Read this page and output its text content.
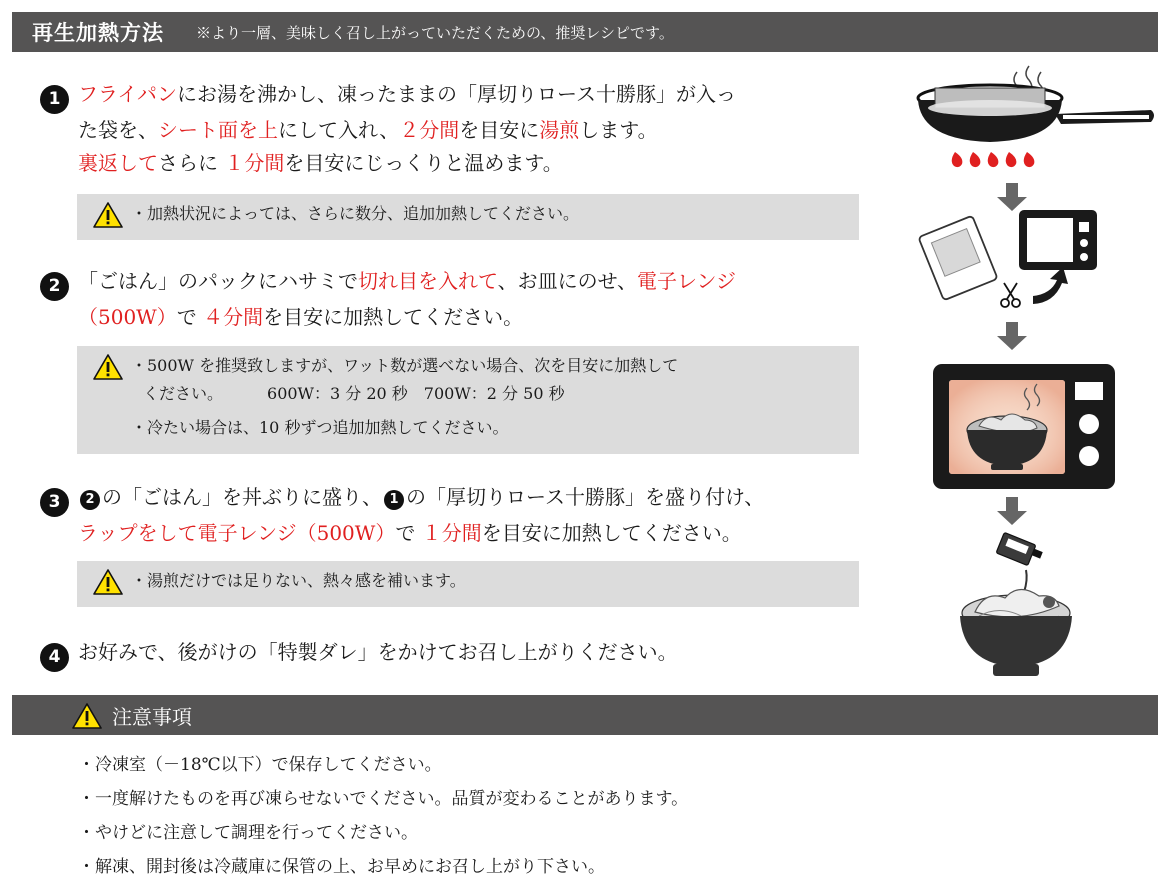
再生加熱方法 ※より一層、美味しく召し上がっていただくための、推奨レシピです。
1 フライパンにお湯を沸かし、凍ったままの「厚切りロース十勝豚」が入っ
た袋を、シート面を上にして入れ、２分間を目安に湯煎します。
裏返してさらに １分間を目安にじっくりと温めます。
・加熱状況によっては、さらに数分、追加加熱してください。
2 「ごはん」のパックにハサミで切れ目を入れて、お皿にのせ、電子レンジ
（500W）で ４分間を目安に加熱してください。
・500W を推奨致しますが、ワット数が選べない場合、次を目安に加熱して
ください。	600W：3 分 20 秒　700W：2 分 50 秒
・冷たい場合は、10 秒ずつ追加加熱してください。
3 2 の「ごはん」を丼ぶりに盛り、 1 の「厚切りロース十勝豚」を盛り付け、
ラップをして電子レンジ（500W）で １分間を目安に加熱してください。
・湯煎だけでは足りない、熱々感を補います。
4 お好みで、後がけの「特製ダレ」をかけてお召し上がりください。
注意事項
・冷凍室（－18℃以下）で保存してください。
・一度解けたものを再び凍らせないでください。品質が変わることがあります。
・やけどに注意して調理を行ってください。
・解凍、開封後は冷蔵庫に保管の上、お早めにお召し上がり下さい。
